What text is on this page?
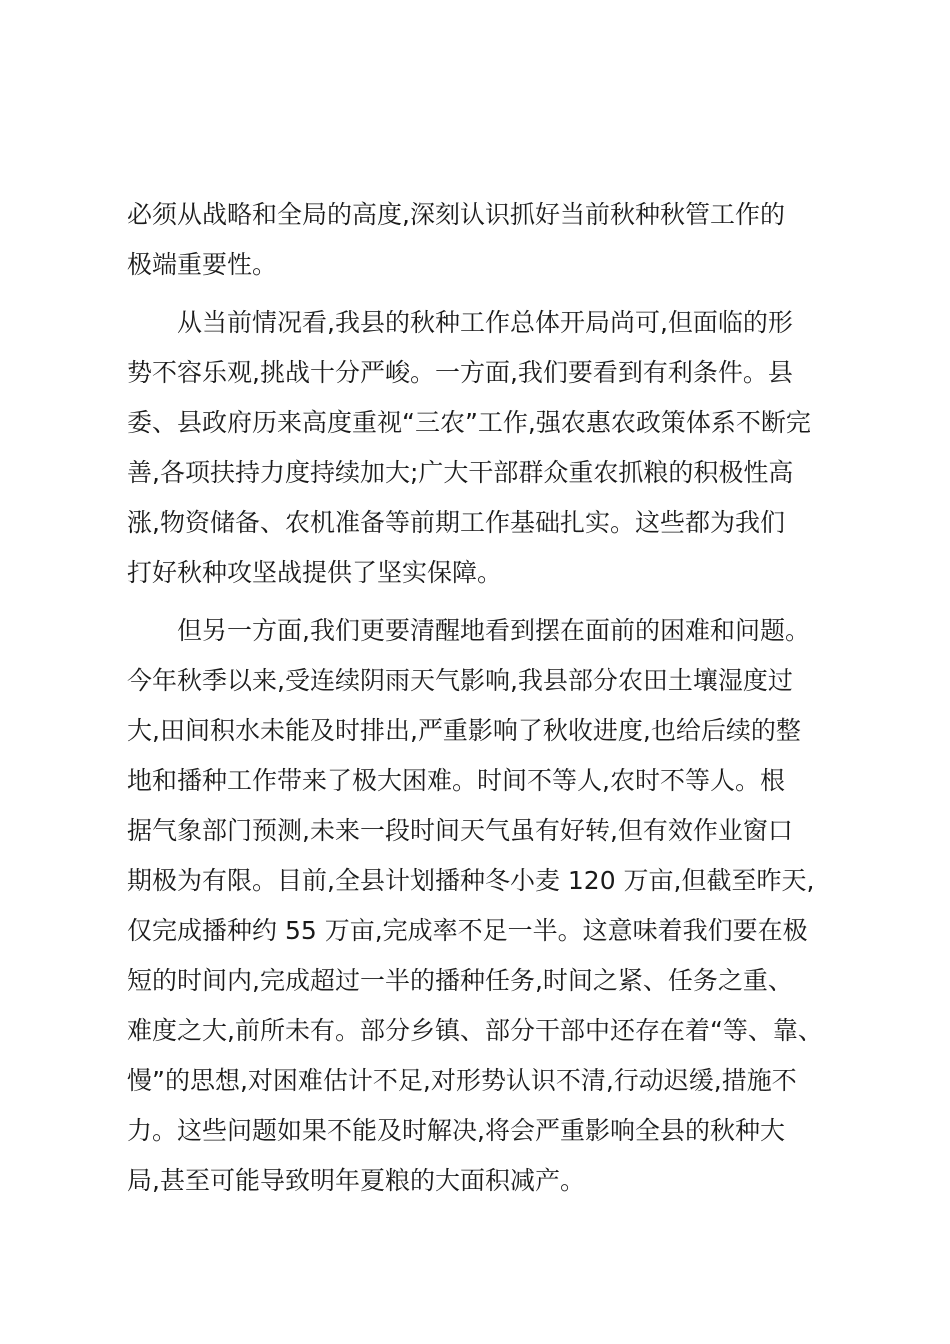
必须从战略和全局的高度,深刻认识抓好当前秋种秋管工作的
极端重要性。
从当前情况看,我县的秋种工作总体开局尚可,但面临的形
势不容乐观,挑战十分严峻。一方面,我们要看到有利条件。县
委、县政府历来高度重视“三农”工作,强农惠农政策体系不断完
善,各项扶持力度持续加大;广大干部群众重农抓粮的积极性高
涨,物资储备、农机准备等前期工作基础扎实。这些都为我们
打好秋种攻坚战提供了坚实保障。
但另一方面,我们更要清醒地看到摆在面前的困难和问题。
今年秋季以来,受连续阴雨天气影响,我县部分农田土壤湿度过
大,田间积水未能及时排出,严重影响了秋收进度,也给后续的整
地和播种工作带来了极大困难。时间不等人,农时不等人。根
据气象部门预测,未来一段时间天气虽有好转,但有效作业窗口
期极为有限。目前,全县计划播种冬小麦 120 万亩,但截至昨天,
仅完成播种约 55 万亩,完成率不足一半。这意味着我们要在极
短的时间内,完成超过一半的播种任务,时间之紧、任务之重、
难度之大,前所未有。部分乡镇、部分干部中还存在着“等、靠、
慢”的思想,对困难估计不足,对形势认识不清,行动迟缓,措施不
力。这些问题如果不能及时解决,将会严重影响全县的秋种大
局,甚至可能导致明年夏粮的大面积减产。
